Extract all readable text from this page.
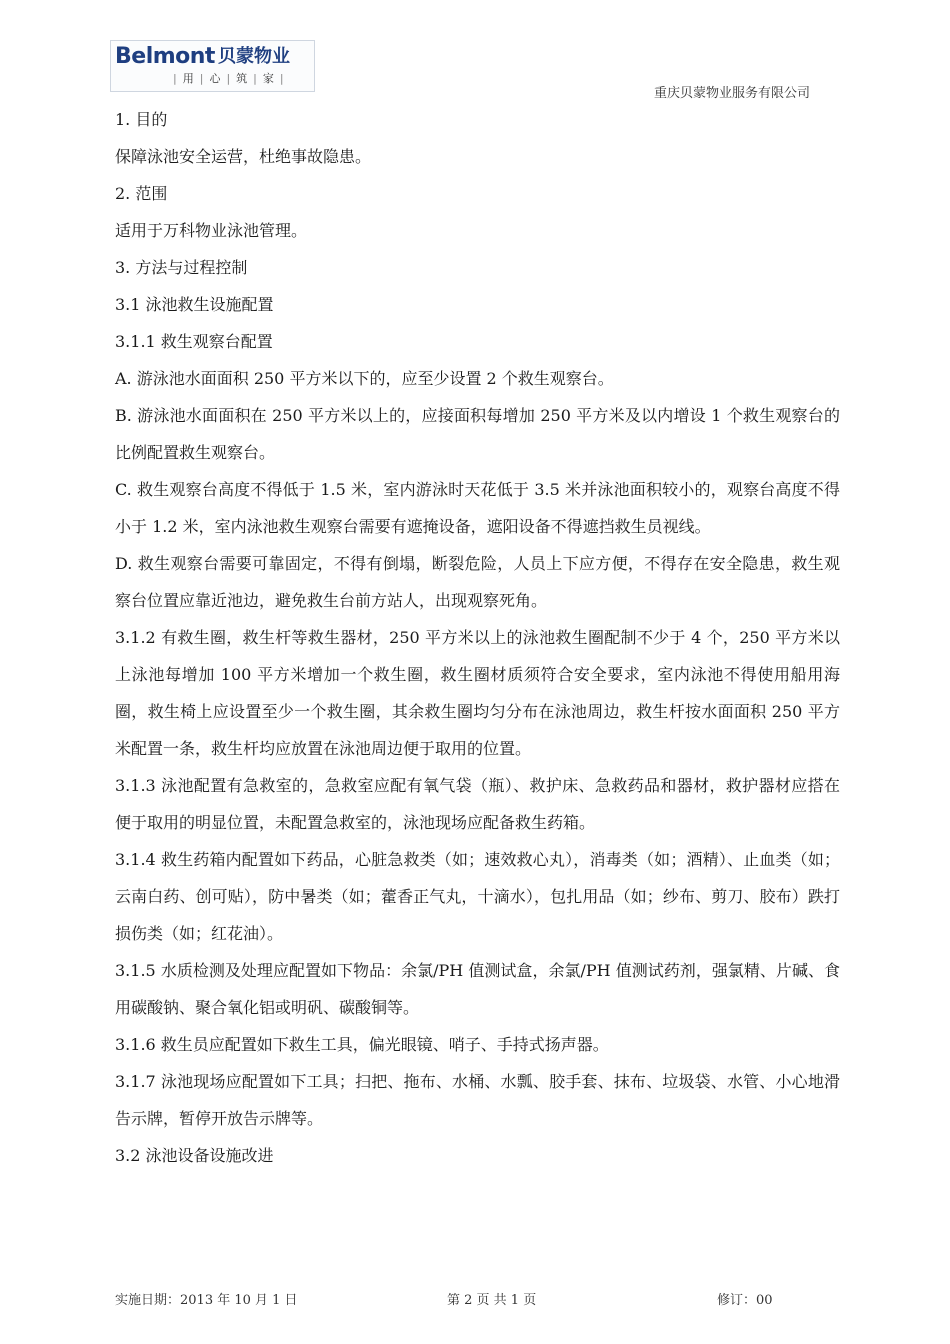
Belmont 贝蒙物业
| 用 | 心 | 筑 | 家 |
重庆贝蒙物业服务有限公司

1. 目的

保障泳池安全运营，杜绝事故隐患。

2. 范围

适用于万科物业泳池管理。

3. 方法与过程控制

3.1 泳池救生设施配置

3.1.1 救生观察台配置

A. 游泳池水面面积 250 平方米以下的，应至少设置 2 个救生观察台。

B. 游泳池水面面积在 250 平方米以上的，应接面积每增加 250 平方米及以内增设 1 个救生观察台的比例配置救生观察台。

C. 救生观察台高度不得低于 1.5 米，室内游泳时天花低于 3.5 米并泳池面积较小的，观察台高度不得小于 1.2 米，室内泳池救生观察台需要有遮掩设备，遮阳设备不得遮挡救生员视线。

D. 救生观察台需要可靠固定，不得有倒塌，断裂危险，人员上下应方便，不得存在安全隐患，救生观察台位置应靠近池边，避免救生台前方站人，出现观察死角。

3.1.2 有救生圈，救生杆等救生器材，250 平方米以上的泳池救生圈配制不少于 4 个，250 平方米以上泳池每增加 100 平方米增加一个救生圈，救生圈材质须符合安全要求，室内泳池不得使用船用海圈，救生椅上应设置至少一个救生圈，其余救生圈均匀分布在泳池周边，救生杆按水面面积 250 平方米配置一条，救生杆均应放置在泳池周边便于取用的位置。

3.1.3 泳池配置有急救室的，急救室应配有氧气袋（瓶）、救护床、急救药品和器材，救护器材应搭在便于取用的明显位置，未配置急救室的，泳池现场应配备救生药箱。

3.1.4 救生药箱内配置如下药品，心脏急救类（如；速效救心丸），消毒类（如；酒精）、止血类（如；云南白药、创可贴），防中暑类（如；藿香正气丸，十滴水），包扎用品（如；纱布、剪刀、胶布）跌打损伤类（如；红花油）。

3.1.5 水质检测及处理应配置如下物品：余氯/PH 值测试盒，余氯/PH 值测试药剂，强氯精、片碱、食用碳酸钠、聚合氧化铝或明矾、碳酸铜等。

3.1.6 救生员应配置如下救生工具，偏光眼镜、哨子、手持式扬声器。

3.1.7 泳池现场应配置如下工具；扫把、拖布、水桶、水瓢、胶手套、抹布、垃圾袋、水管、小心地滑告示牌，暂停开放告示牌等。

3.2 泳池设备设施改进

实施日期：2013 年 10 月 1 日	第 2 页 共 1 页	修订：00
